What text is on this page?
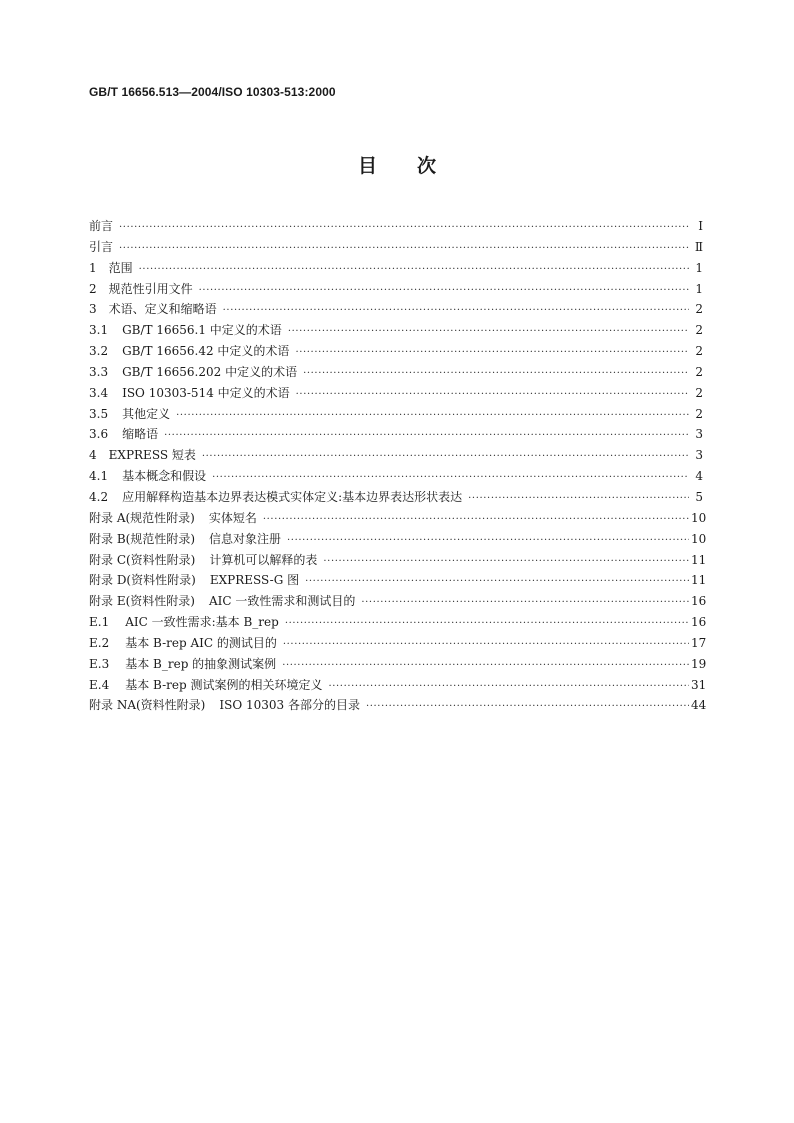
GB/T 16656.513—2004/ISO 10303-513:2000
目次
前言 ·····	Ⅰ
引言 ·····	Ⅱ
1 范围 ·····	1
2 规范性引用文件 ·····	1
3 术语、定义和缩略语 ·····	2
3.1 GB/T 16656.1 中定义的术语 ·····	2
3.2 GB/T 16656.42 中定义的术语 ·····	2
3.3 GB/T 16656.202 中定义的术语 ·····	2
3.4 ISO 10303-514 中定义的术语 ·····	2
3.5 其他定义 ·····	2
3.6 缩略语 ·····	3
4 EXPRESS 短表 ·····	3
4.1 基本概念和假设 ·····	4
4.2 应用解释构造基本边界表达模式实体定义:基本边界表达形状表达 ·····	5
附录 A(规范性附录) 实体短名 ·····	10
附录 B(规范性附录) 信息对象注册 ·····	10
附录 C(资料性附录) 计算机可以解释的表 ·····	11
附录 D(资料性附录) EXPRESS-G 图 ·····	11
附录 E(资料性附录) AIC 一致性需求和测试目的 ·····	16
E.1 AIC 一致性需求:基本 B_rep ·····	16
E.2 基本 B-rep AIC 的测试目的 ·····	17
E.3 基本 B_rep 的抽象测试案例 ·····	19
E.4 基本 B-rep 测试案例的相关环境定义 ·····	31
附录 NA(资料性附录) ISO 10303 各部分的目录 ·····	44
